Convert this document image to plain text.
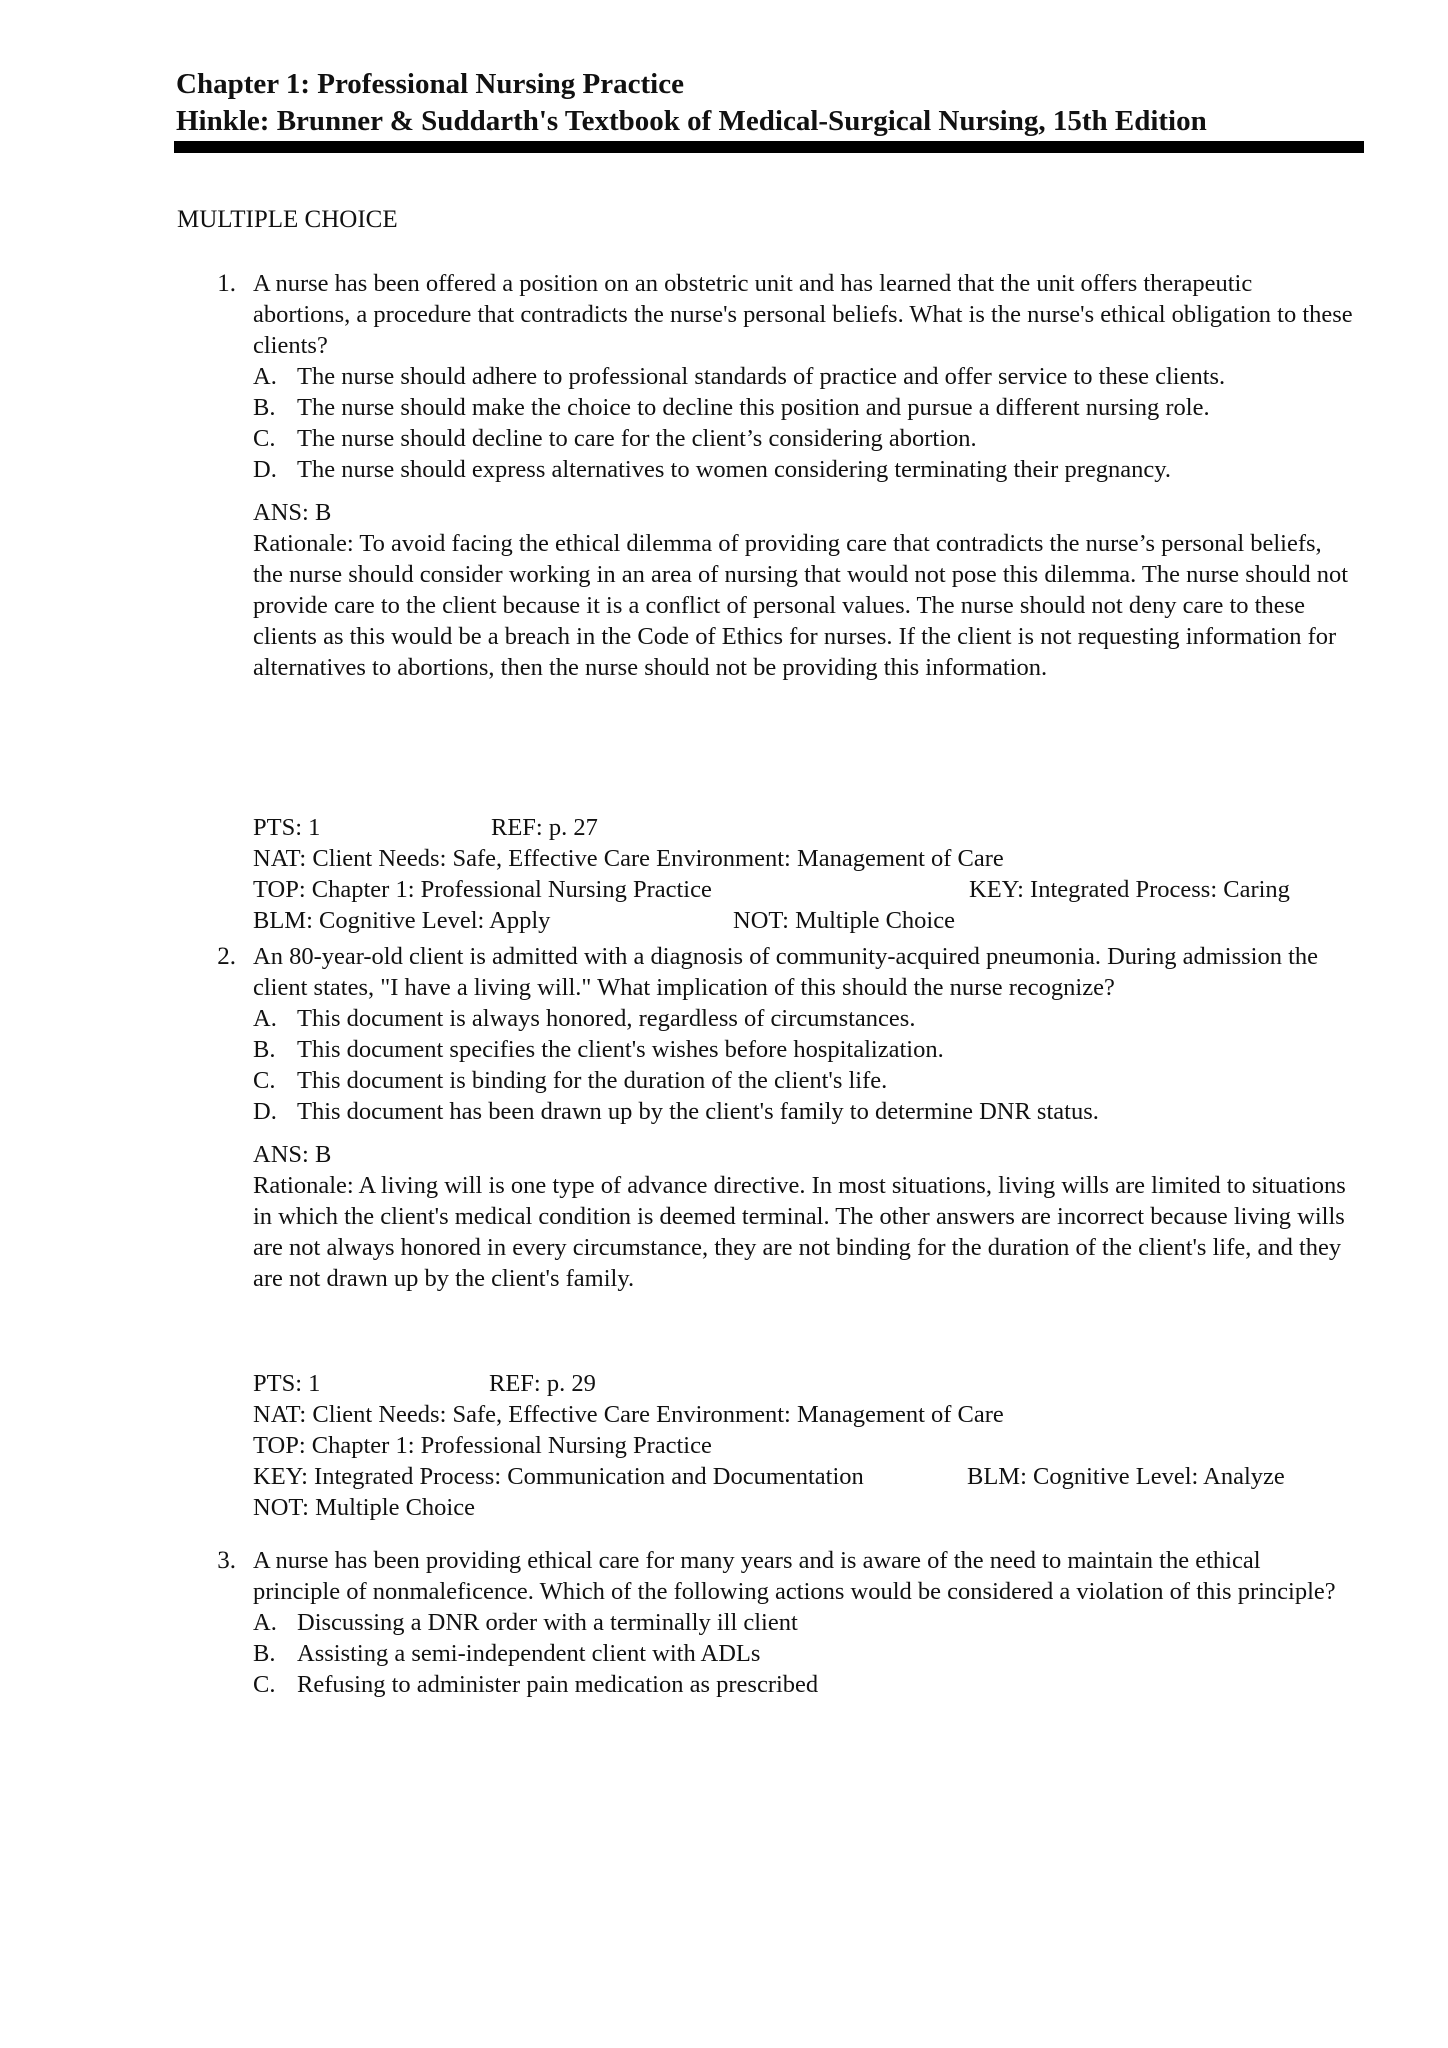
Chapter 1: Professional Nursing Practice
Hinkle: Brunner & Suddarth's Textbook of Medical-Surgical Nursing, 15th Edition
MULTIPLE CHOICE
1. A nurse has been offered a position on an obstetric unit and has learned that the unit offers therapeutic abortions, a procedure that contradicts the nurse's personal beliefs. What is the nurse's ethical obligation to these clients?
A. The nurse should adhere to professional standards of practice and offer service to these clients.
B. The nurse should make the choice to decline this position and pursue a different nursing role.
C. The nurse should decline to care for the client’s considering abortion.
D. The nurse should express alternatives to women considering terminating their pregnancy.
ANS: B
Rationale: To avoid facing the ethical dilemma of providing care that contradicts the nurse’s personal beliefs, the nurse should consider working in an area of nursing that would not pose this dilemma. The nurse should not provide care to the client because it is a conflict of personal values. The nurse should not deny care to these clients as this would be a breach in the Code of Ethics for nurses. If the client is not requesting information for alternatives to abortions, then the nurse should not be providing this information.
PTS: 1	REF: p. 27
NAT: Client Needs: Safe, Effective Care Environment: Management of Care
TOP: Chapter 1: Professional Nursing Practice	KEY: Integrated Process: Caring
BLM: Cognitive Level: Apply	NOT: Multiple Choice
2. An 80-year-old client is admitted with a diagnosis of community-acquired pneumonia. During admission the client states, "I have a living will." What implication of this should the nurse recognize?
A. This document is always honored, regardless of circumstances.
B. This document specifies the client's wishes before hospitalization.
C. This document is binding for the duration of the client's life.
D. This document has been drawn up by the client's family to determine DNR status.
ANS: B
Rationale: A living will is one type of advance directive. In most situations, living wills are limited to situations in which the client's medical condition is deemed terminal. The other answers are incorrect because living wills are not always honored in every circumstance, they are not binding for the duration of the client's life, and they are not drawn up by the client's family.
PTS: 1	REF: p. 29
NAT: Client Needs: Safe, Effective Care Environment: Management of Care
TOP: Chapter 1: Professional Nursing Practice
KEY: Integrated Process: Communication and Documentation	BLM: Cognitive Level: Analyze
NOT: Multiple Choice
3. A nurse has been providing ethical care for many years and is aware of the need to maintain the ethical principle of nonmaleficence. Which of the following actions would be considered a violation of this principle?
A. Discussing a DNR order with a terminally ill client
B. Assisting a semi-independent client with ADLs
C. Refusing to administer pain medication as prescribed
